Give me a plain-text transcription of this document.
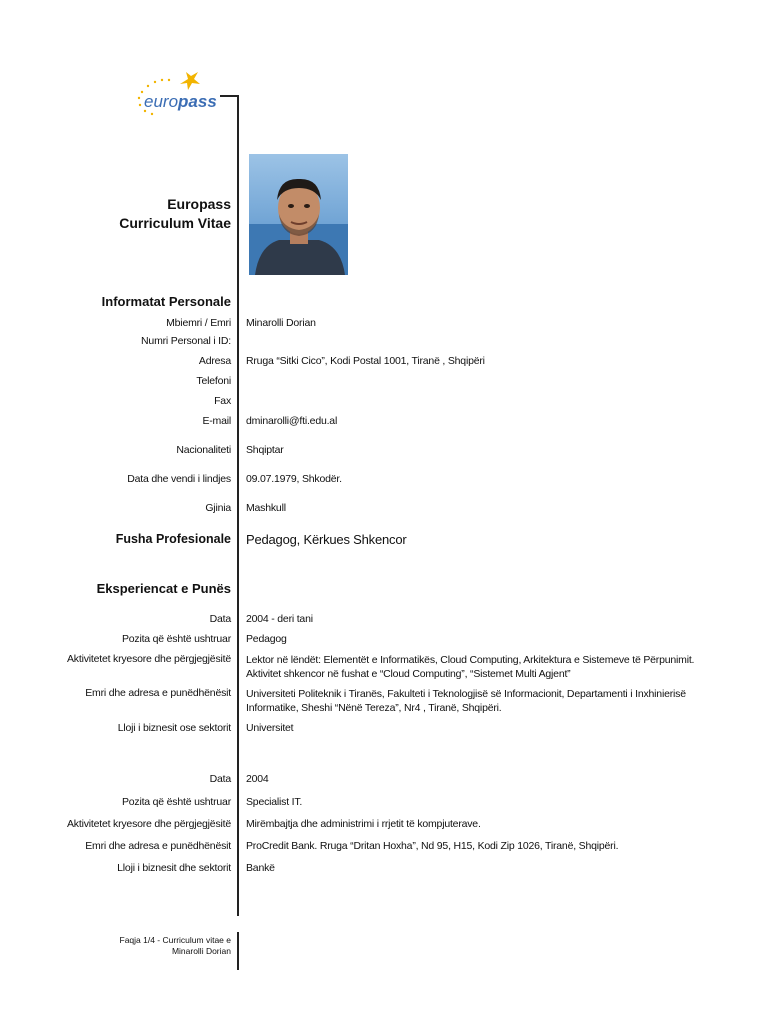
europass
Europass
Curriculum Vitae
Informatat Personale
Mbiemri / Emri Minarolli Dorian
Numri Personal i ID:
Adresa Rruga “Sitki Cico”, Kodi Postal 1001, Tiranë , Shqipëri
Telefoni
Fax
E-mail dminarolli@fti.edu.al
Nacionaliteti Shqiptar
Data dhe vendi i lindjes 09.07.1979, Shkodër.
Gjinia Mashkull
Fusha Profesionale Pedagog, Kërkues Shkencor
Eksperiencat e Punës
Data 2004 - deri tani
Pozita që është ushtruar Pedagog
Aktivitetet kryesore dhe përgjegjësitë Lektor në lëndët: Elementët e Informatikës, Cloud Computing, Arkitektura e Sistemeve të Përpunimit.
Aktivitet shkencor në fushat e “Cloud Computing”, “Sistemet Multi Agjent”
Emri dhe adresa e punëdhënësit Universiteti Politeknik i Tiranës, Fakulteti i Teknologjisë së Informacionit, Departamenti i Inxhinierisë
Informatike, Sheshi “Nënë Tereza”, Nr4 , Tiranë, Shqipëri.
Lloji i biznesit ose sektorit Universitet
Data 2004
Pozita që është ushtruar Specialist IT.
Aktivitetet kryesore dhe përgjegjësitë Mirëmbajtja dhe administrimi i rrjetit të kompjuterave.
Emri dhe adresa e punëdhënësit ProCredit Bank. Rruga “Dritan Hoxha”, Nd 95, H15, Kodi Zip 1026, Tiranë, Shqipëri.
Lloji i biznesit dhe sektorit Bankë
Faqja 1/4 - Curriculum vitae e
Minarolli Dorian
